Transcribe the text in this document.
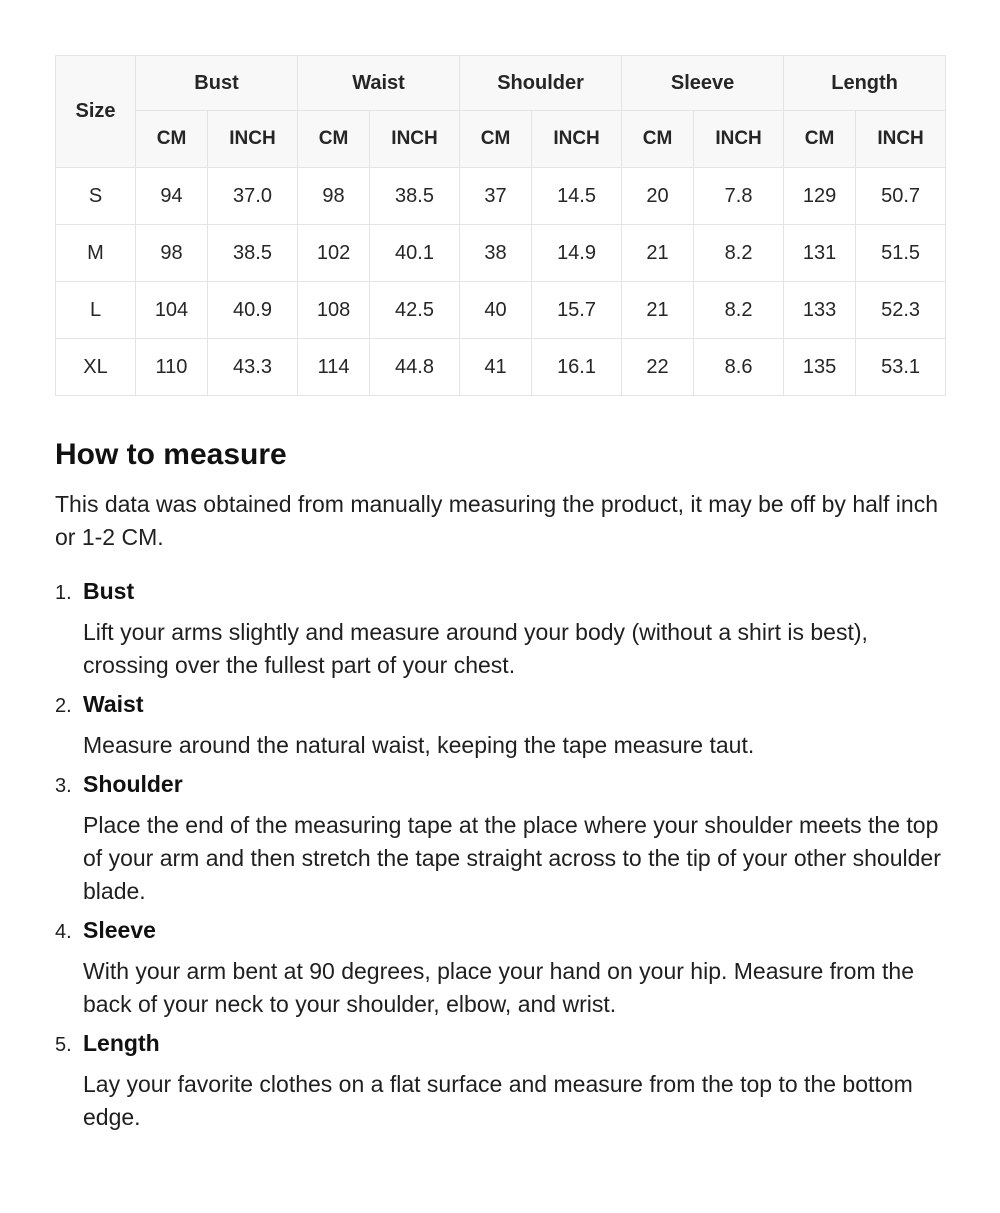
Size	Bust		Waist		Shoulder		Sleeve		Length	
	CM	INCH	CM	INCH	CM	INCH	CM	INCH	CM	INCH
S	94	37.0	98	38.5	37	14.5	20	7.8	129	50.7
M	98	38.5	102	40.1	38	14.9	21	8.2	131	51.5
L	104	40.9	108	42.5	40	15.7	21	8.2	133	52.3
XL	110	43.3	114	44.8	41	16.1	22	8.6	135	53.1
How to measure

This data was obtained from manually measuring the product, it may be off by half inch or 1-2 CM.

1. Bust

Lift your arms slightly and measure around your body (without a shirt is best), crossing over the fullest part of your chest.

2. Waist

Measure around the natural waist, keeping the tape measure taut.

3. Shoulder

Place the end of the measuring tape at the place where your shoulder meets the top of your arm and then stretch the tape straight across to the tip of your other shoulder blade.

4. Sleeve

With your arm bent at 90 degrees, place your hand on your hip. Measure from the back of your neck to your shoulder, elbow, and wrist.

5. Length

Lay your favorite clothes on a flat surface and measure from the top to the bottom edge.
